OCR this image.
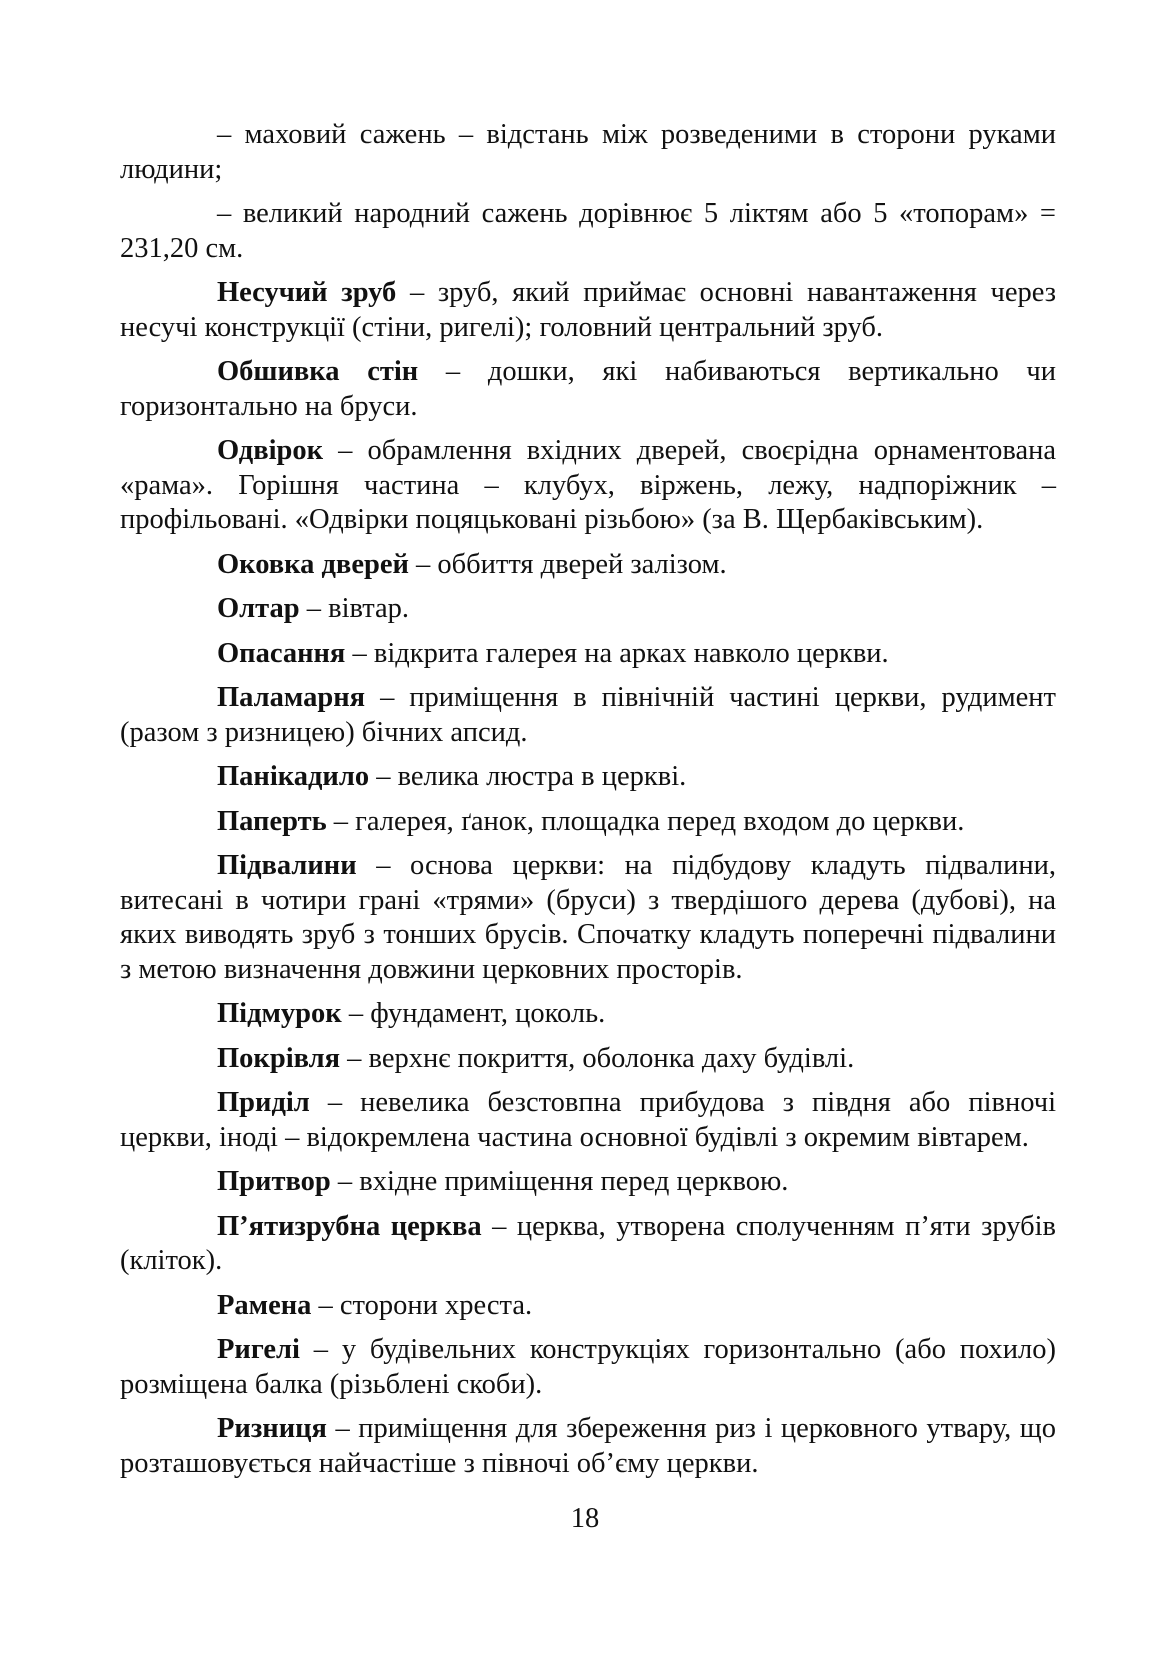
– маховий сажень – відстань між розведеними в сторони руками людини;

– великий народний сажень дорівнює 5 ліктям або 5 «топорам» = 231,20 см.

Несучий зруб – зруб, який приймає основні навантаження через несучі конструкції (стіни, ригелі); головний центральний зруб.

Обшивка стін – дошки, які набиваються вертикально чи горизонтально на бруси.

Одвірок – обрамлення вхідних дверей, своєрідна орнаментована «рама». Горішня частина – клубух, віржень, лежу, надпоріжник – профільовані. «Одвірки поцяцьковані різьбою» (за В. Щербаківським).

Оковка дверей – оббиття дверей залізом.

Олтар – вівтар.

Опасання – відкрита галерея на арках навколо церкви.

Паламарня – приміщення в північній частині церкви, рудимент (разом з ризницею) бічних апсид.

Панікадило – велика люстра в церкві.

Паперть – галерея, ґанок, площадка перед входом до церкви.

Підвалини – основа церкви: на підбудову кладуть підвалини, витесані в чотири грані «трями» (бруси) з твердішого дерева (дубові), на яких виводять зруб з тонших брусів. Спочатку кладуть поперечні підвалини з метою визначення довжини церковних просторів.

Підмурок – фундамент, цоколь.

Покрівля – верхнє покриття, оболонка даху будівлі.

Приділ – невелика безстовпна прибудова з півдня або півночі церкви, іноді – відокремлена частина основної будівлі з окремим вівтарем.

Притвор – вхідне приміщення перед церквою.

П’ятизрубна церква – церква, утворена сполученням п’яти зрубів (кліток).

Рамена – сторони хреста.

Ригелі – у будівельних конструкціях горизонтально (або похило) розміщена балка (різьблені скоби).

Ризниця – приміщення для збереження риз і церковного утвару, що розташовується найчастіше з півночі об’єму церкви.

18
